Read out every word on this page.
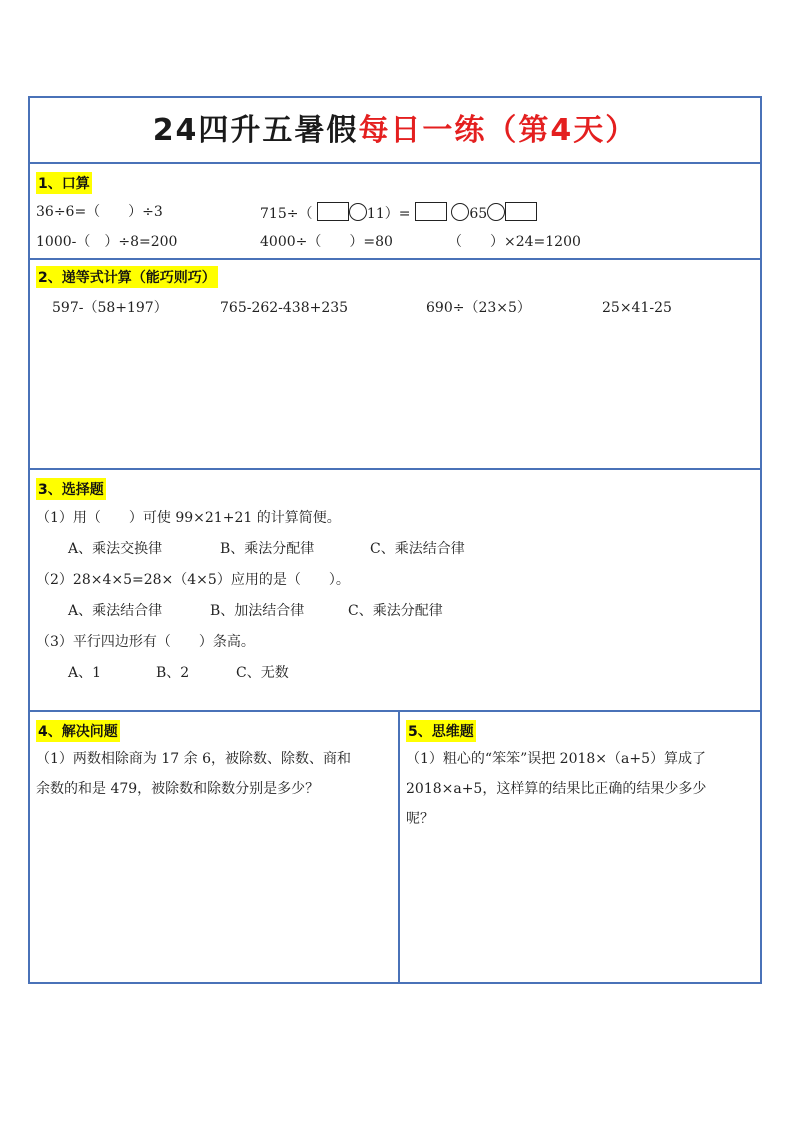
24四升五暑假每日一练（第4天）
1、口算
36÷6=（　　）÷3	715÷（	11）=	65
1000-（　）÷8=200	4000÷（　　）=80	（　　）×24=1200
2、递等式计算（能巧则巧）
597-（58+197）	765-262-438+235	690÷（23×5）	25×41-25
3、选择题
（1）用（　　）可使 99×21+21 的计算简便。
A、乘法交换律	B、乘法分配律	C、乘法结合律
（2）28×4×5=28×（4×5）应用的是（　　）。
A、乘法结合律	B、加法结合律	C、乘法分配律
（3）平行四边形有（　　）条高。
A、1	B、2	C、无数
4、解决问题
（1）两数相除商为 17 余 6，被除数、除数、商和
余数的和是 479，被除数和除数分别是多少？
5、思维题
（1）粗心的“笨笨”误把 2018×（a+5）算成了
2018×a+5，这样算的结果比正确的结果少多少
呢？
